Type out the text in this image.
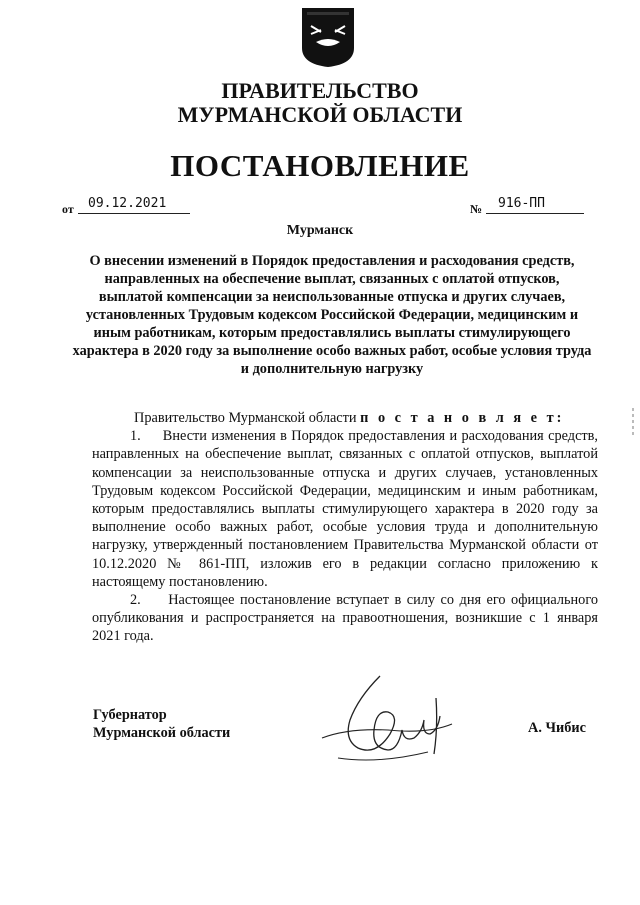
ПРАВИТЕЛЬСТВО
МУРМАНСКОЙ ОБЛАСТИ
ПОСТАНОВЛЕНИЕ
от	09.12.2021	№	916-ПП
Мурманск
О внесении изменений в Порядок предоставления и расходования средств, направленных на обеспечение выплат, связанных с оплатой отпусков, выплатой компенсации за неиспользованные отпуска и других случаев, установленных Трудовым кодексом Российской Федерации, медицинским и иным работникам, которым предоставлялись выплаты стимулирующего характера в 2020 году за выполнение особо важных работ, особые условия труда и дополнительную нагрузку

Правительство Мурманской области п о с т а н о в л я е т:

1.     Внести изменения в Порядок предоставления и расходования средств, направленных на обеспечение выплат, связанных с оплатой отпусков, выплатой компенсации за неиспользованные отпуска и других случаев, установленных Трудовым кодексом Российской Федерации, медицинским и иным работникам, которым предоставлялись выплаты стимулирующего характера в 2020 году за выполнение особо важных работ, особые условия труда и дополнительную нагрузку, утвержденный постановлением Правительства Мурманской области от 10.12.2020 № 861-ПП, изложив его в редакции согласно приложению к настоящему постановлению.

2.     Настоящее постановление вступает в силу со дня его официального опубликования и распространяется на правоотношения, возникшие с 1 января 2021 года.

Губернатор
Мурманской области	А. Чибис
